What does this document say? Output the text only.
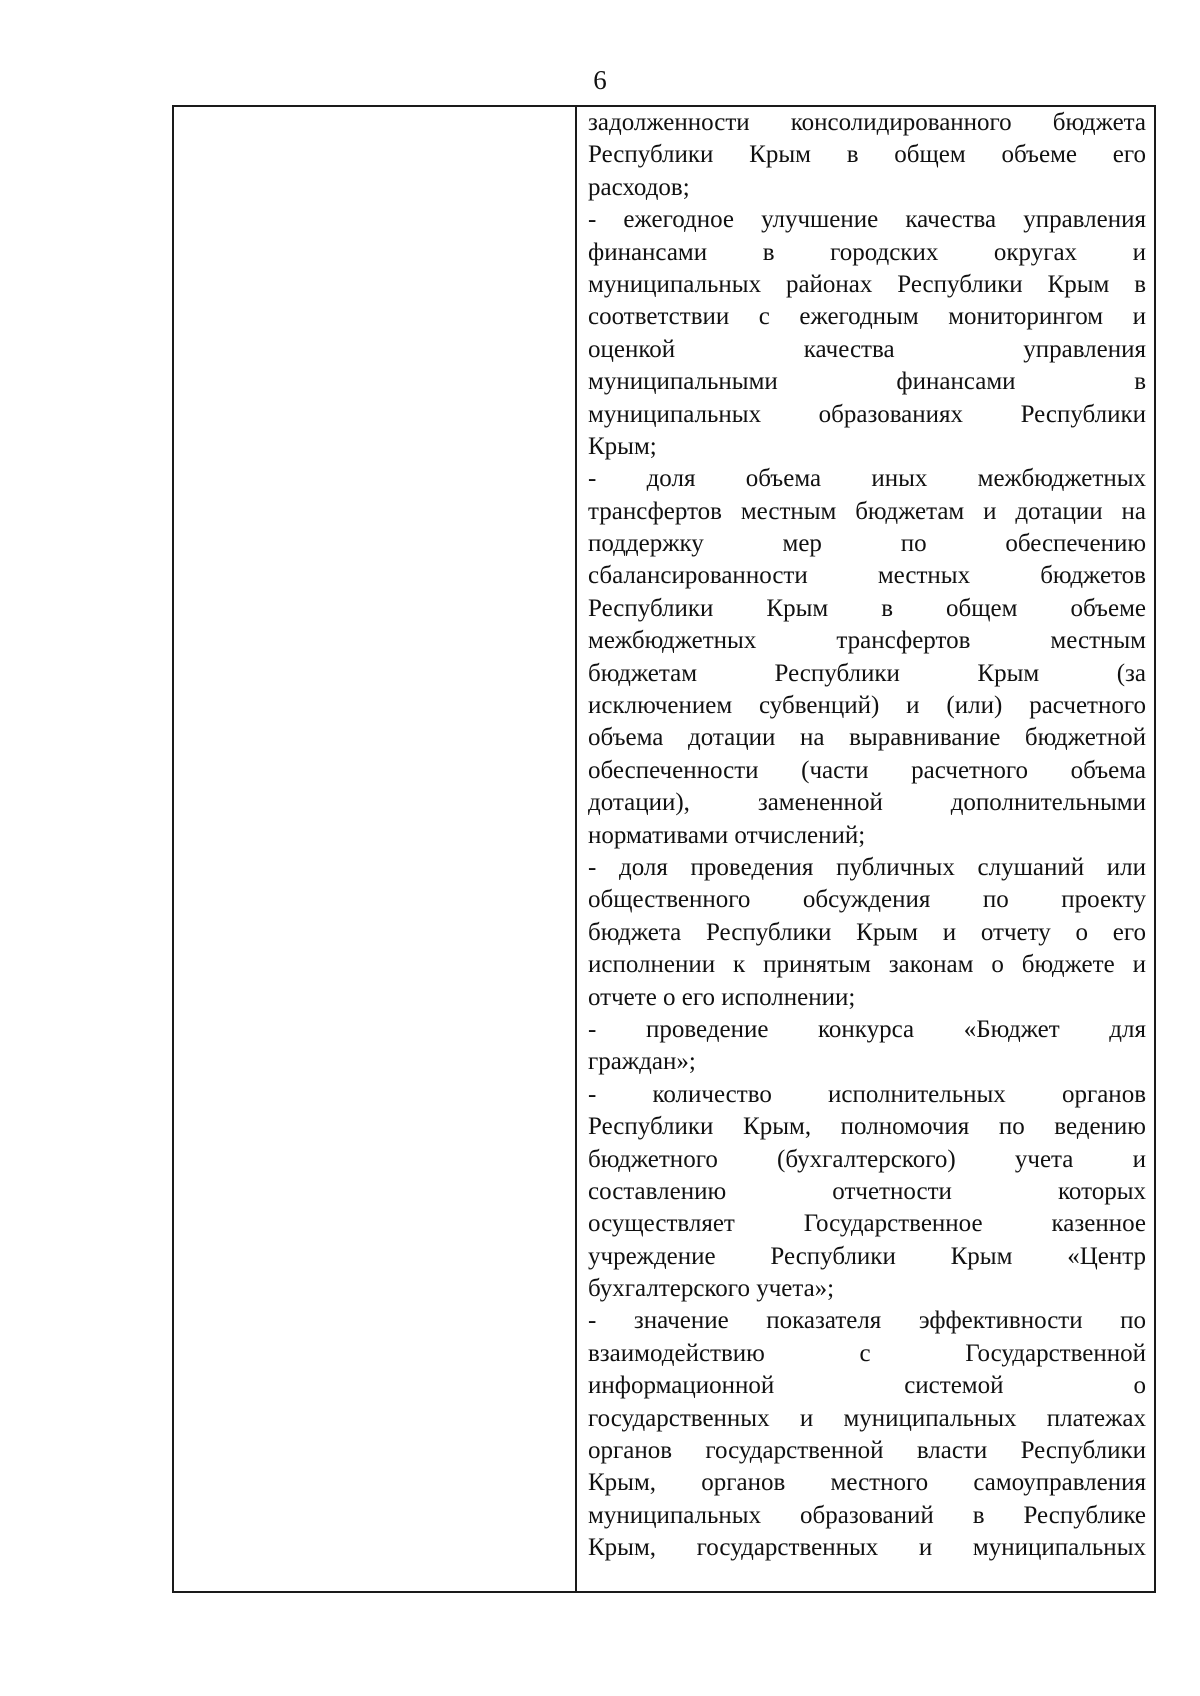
6
задолженности консолидированного бюджета
Республики Крым в общем объеме его
расходов;
- ежегодное улучшение качества управления
финансами в городских округах и
муниципальных районах Республики Крым в
соответствии с ежегодным мониторингом и
оценкой качества управления
муниципальными финансами в
муниципальных образованиях Республики
Крым;
- доля объема иных межбюджетных
трансфертов местным бюджетам и дотации на
поддержку мер по обеспечению
сбалансированности местных бюджетов
Республики Крым в общем объеме
межбюджетных трансфертов местным
бюджетам Республики Крым (за
исключением субвенций) и (или) расчетного
объема дотации на выравнивание бюджетной
обеспеченности (части расчетного объема
дотации), замененной дополнительными
нормативами отчислений;
- доля проведения публичных слушаний или
общественного обсуждения по проекту
бюджета Республики Крым и отчету о его
исполнении к принятым законам о бюджете и
отчете о его исполнении;
- проведение конкурса «Бюджет для
граждан»;
- количество исполнительных органов
Республики Крым, полномочия по ведению
бюджетного (бухгалтерского) учета и
составлению отчетности которых
осуществляет Государственное казенное
учреждение Республики Крым «Центр
бухгалтерского учета»;
- значение показателя эффективности по
взаимодействию с Государственной
информационной системой о
государственных и муниципальных платежах
органов государственной власти Республики
Крым, органов местного самоуправления
муниципальных образований в Республике
Крым, государственных и муниципальных
